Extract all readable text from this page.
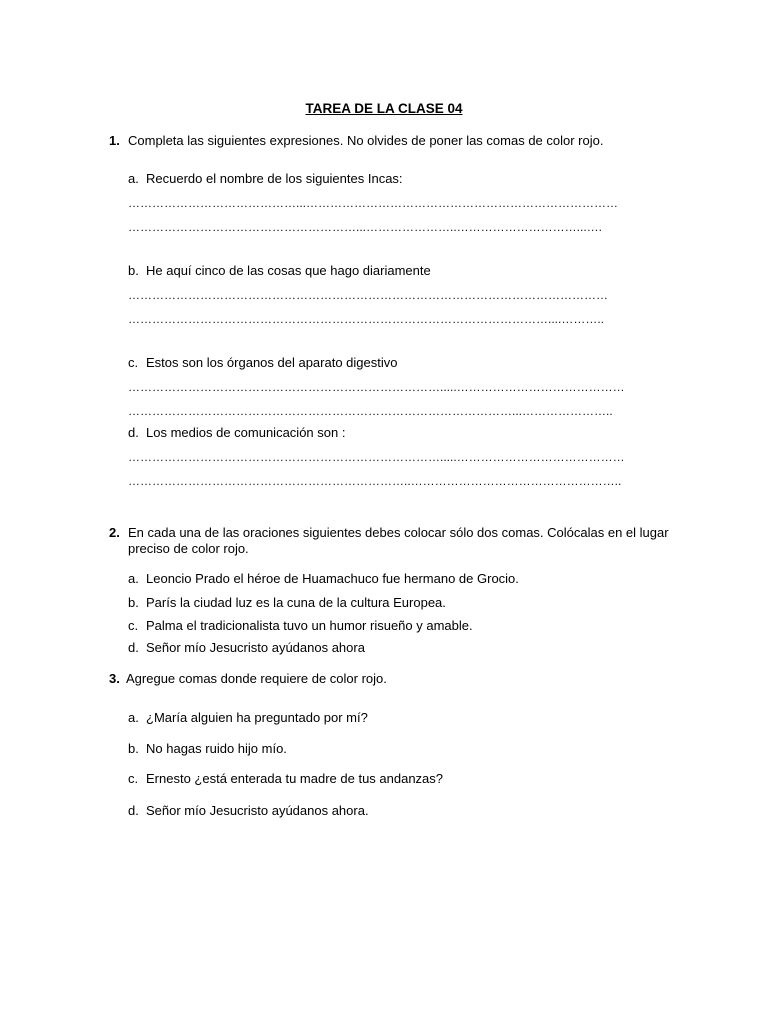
TAREA DE LA CLASE 04
1. Completa las siguientes expresiones. No olvides de poner las comas de color rojo.
a. Recuerdo el nombre de los siguientes Incas:
……………………………………...……………………………………………………………………
…………………………………………………...…………………..…………………………...….
b. He aquí cinco de las cosas que hago diariamente
…………………………………………………………………………………………………………
……………………………………………………………………………………………....………..
c. Estos son los órganos del aparato digestivo
…………………………………………………………………….....……………………………………
……………………………………………………………………………………...…………………..
d. Los medios de comunicación son :
…………………………………………………………………….....……………………………………
……………………………………………………………..……………………………………………..
2. En cada una de las oraciones siguientes debes colocar sólo dos comas. Colócalas en el lugar preciso de color rojo.
a. Leoncio Prado el héroe de Huamachuco fue hermano de Grocio.
b. París la ciudad luz es la cuna de la cultura Europea.
c. Palma el tradicionalista tuvo un humor risueño y amable.
d. Señor mío Jesucristo ayúdanos ahora
3. Agregue comas donde requiere de color rojo.
a. ¿María alguien ha preguntado por mí?
b. No hagas ruido hijo mío.
c. Ernesto ¿está enterada tu madre de tus andanzas?
d. Señor mío Jesucristo ayúdanos ahora.
